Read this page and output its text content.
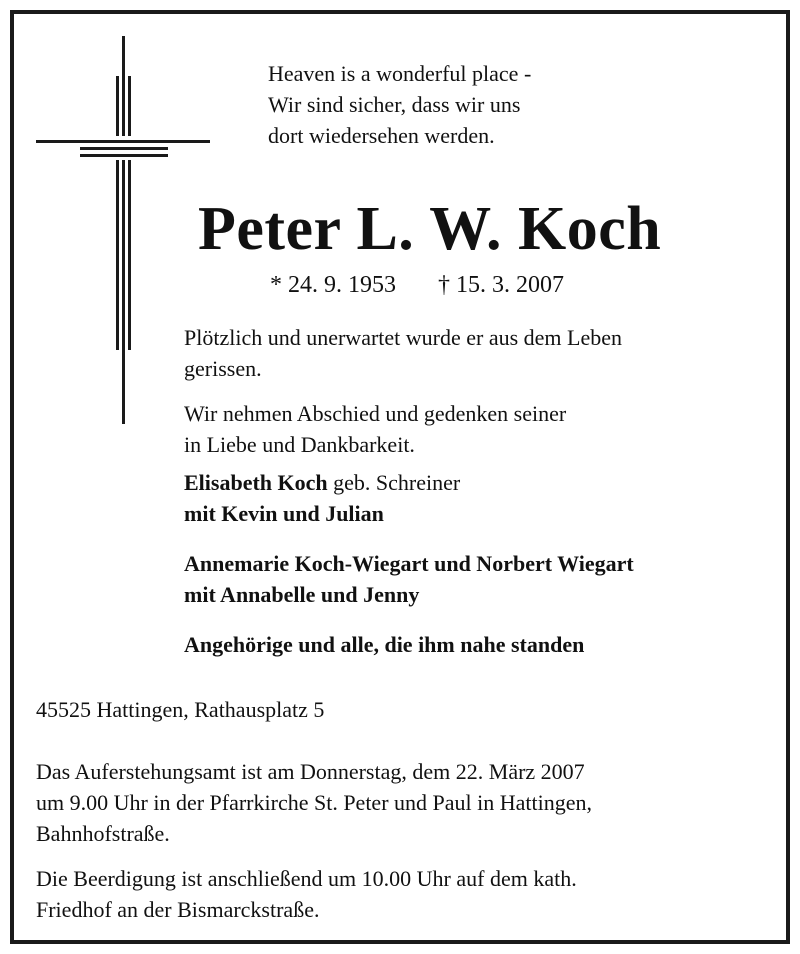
Heaven is a wonderful place -
Wir sind sicher, dass wir uns
dort wiedersehen werden.
Peter L. W. Koch
* 24. 9. 1953 † 15. 3. 2007
Plötzlich und unerwartet wurde er aus dem Leben
gerissen.
Wir nehmen Abschied und gedenken seiner
in Liebe und Dankbarkeit.
Elisabeth Koch geb. Schreiner
mit Kevin und Julian
Annemarie Koch-Wiegart und Norbert Wiegart
mit Annabelle und Jenny
Angehörige und alle, die ihm nahe standen
45525 Hattingen, Rathausplatz 5
Das Auferstehungsamt ist am Donnerstag, dem 22. März 2007
um 9.00 Uhr in der Pfarrkirche St. Peter und Paul in Hattingen,
Bahnhofstraße.
Die Beerdigung ist anschließend um 10.00 Uhr auf dem kath.
Friedhof an der Bismarckstraße.
